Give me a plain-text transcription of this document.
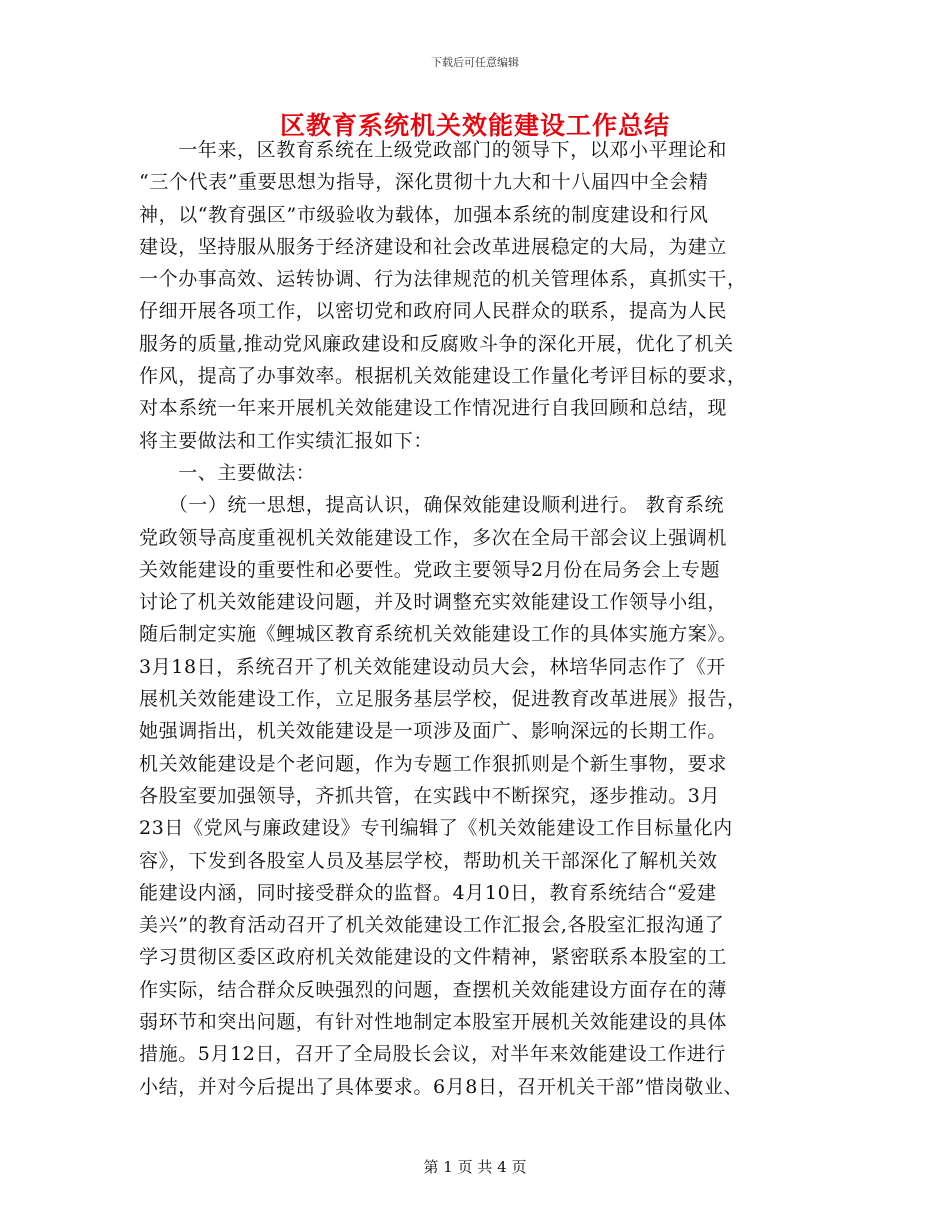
下载后可任意编辑
区教育系统机关效能建设工作总结
　　一年来，区教育系统在上级党政部门的领导下，以邓小平理论和
“三个代表”重要思想为指导，深化贯彻十九大和十八届四中全会精
神，以“教育强区”市级验收为载体，加强本系统的制度建设和行风
建设，坚持服从服务于经济建设和社会改革进展稳定的大局，为建立
一个办事高效、运转协调、行为法律规范的机关管理体系，真抓实干，
仔细开展各项工作，以密切党和政府同人民群众的联系，提高为人民
服务的质量,推动党风廉政建设和反腐败斗争的深化开展，优化了机关
作风，提高了办事效率。根据机关效能建设工作量化考评目标的要求，
对本系统一年来开展机关效能建设工作情况进行自我回顾和总结，现
将主要做法和工作实绩汇报如下：
　　一、主要做法：
　　（一）统一思想，提高认识，确保效能建设顺利进行。 教育系统
党政领导高度重视机关效能建设工作，多次在全局干部会议上强调机
关效能建设的重要性和必要性。党政主要领导2月份在局务会上专题
讨论了机关效能建设问题，并及时调整充实效能建设工作领导小组，
随后制定实施《鲤城区教育系统机关效能建设工作的具体实施方案》。
3月18日，系统召开了机关效能建设动员大会，林培华同志作了《开
展机关效能建设工作，立足服务基层学校，促进教育改革进展》报告，
她强调指出，机关效能建设是一项涉及面广、影响深远的长期工作。
机关效能建设是个老问题，作为专题工作狠抓则是个新生事物，要求
各股室要加强领导，齐抓共管，在实践中不断探究，逐步推动。3月
23日《党风与廉政建设》专刊编辑了《机关效能建设工作目标量化内
容》，下发到各股室人员及基层学校，帮助机关干部深化了解机关效
能建设内涵，同时接受群众的监督。4月10日，教育系统结合“爱建
美兴”的教育活动召开了机关效能建设工作汇报会,各股室汇报沟通了
学习贯彻区委区政府机关效能建设的文件精神，紧密联系本股室的工
作实际，结合群众反映强烈的问题，查摆机关效能建设方面存在的薄
弱环节和突出问题，有针对性地制定本股室开展机关效能建设的具体
措施。5月12日，召开了全局股长会议，对半年来效能建设工作进行
小结，并对今后提出了具体要求。6月8日，召开机关干部”惜岗敬业、
第 1 页 共 4 页
